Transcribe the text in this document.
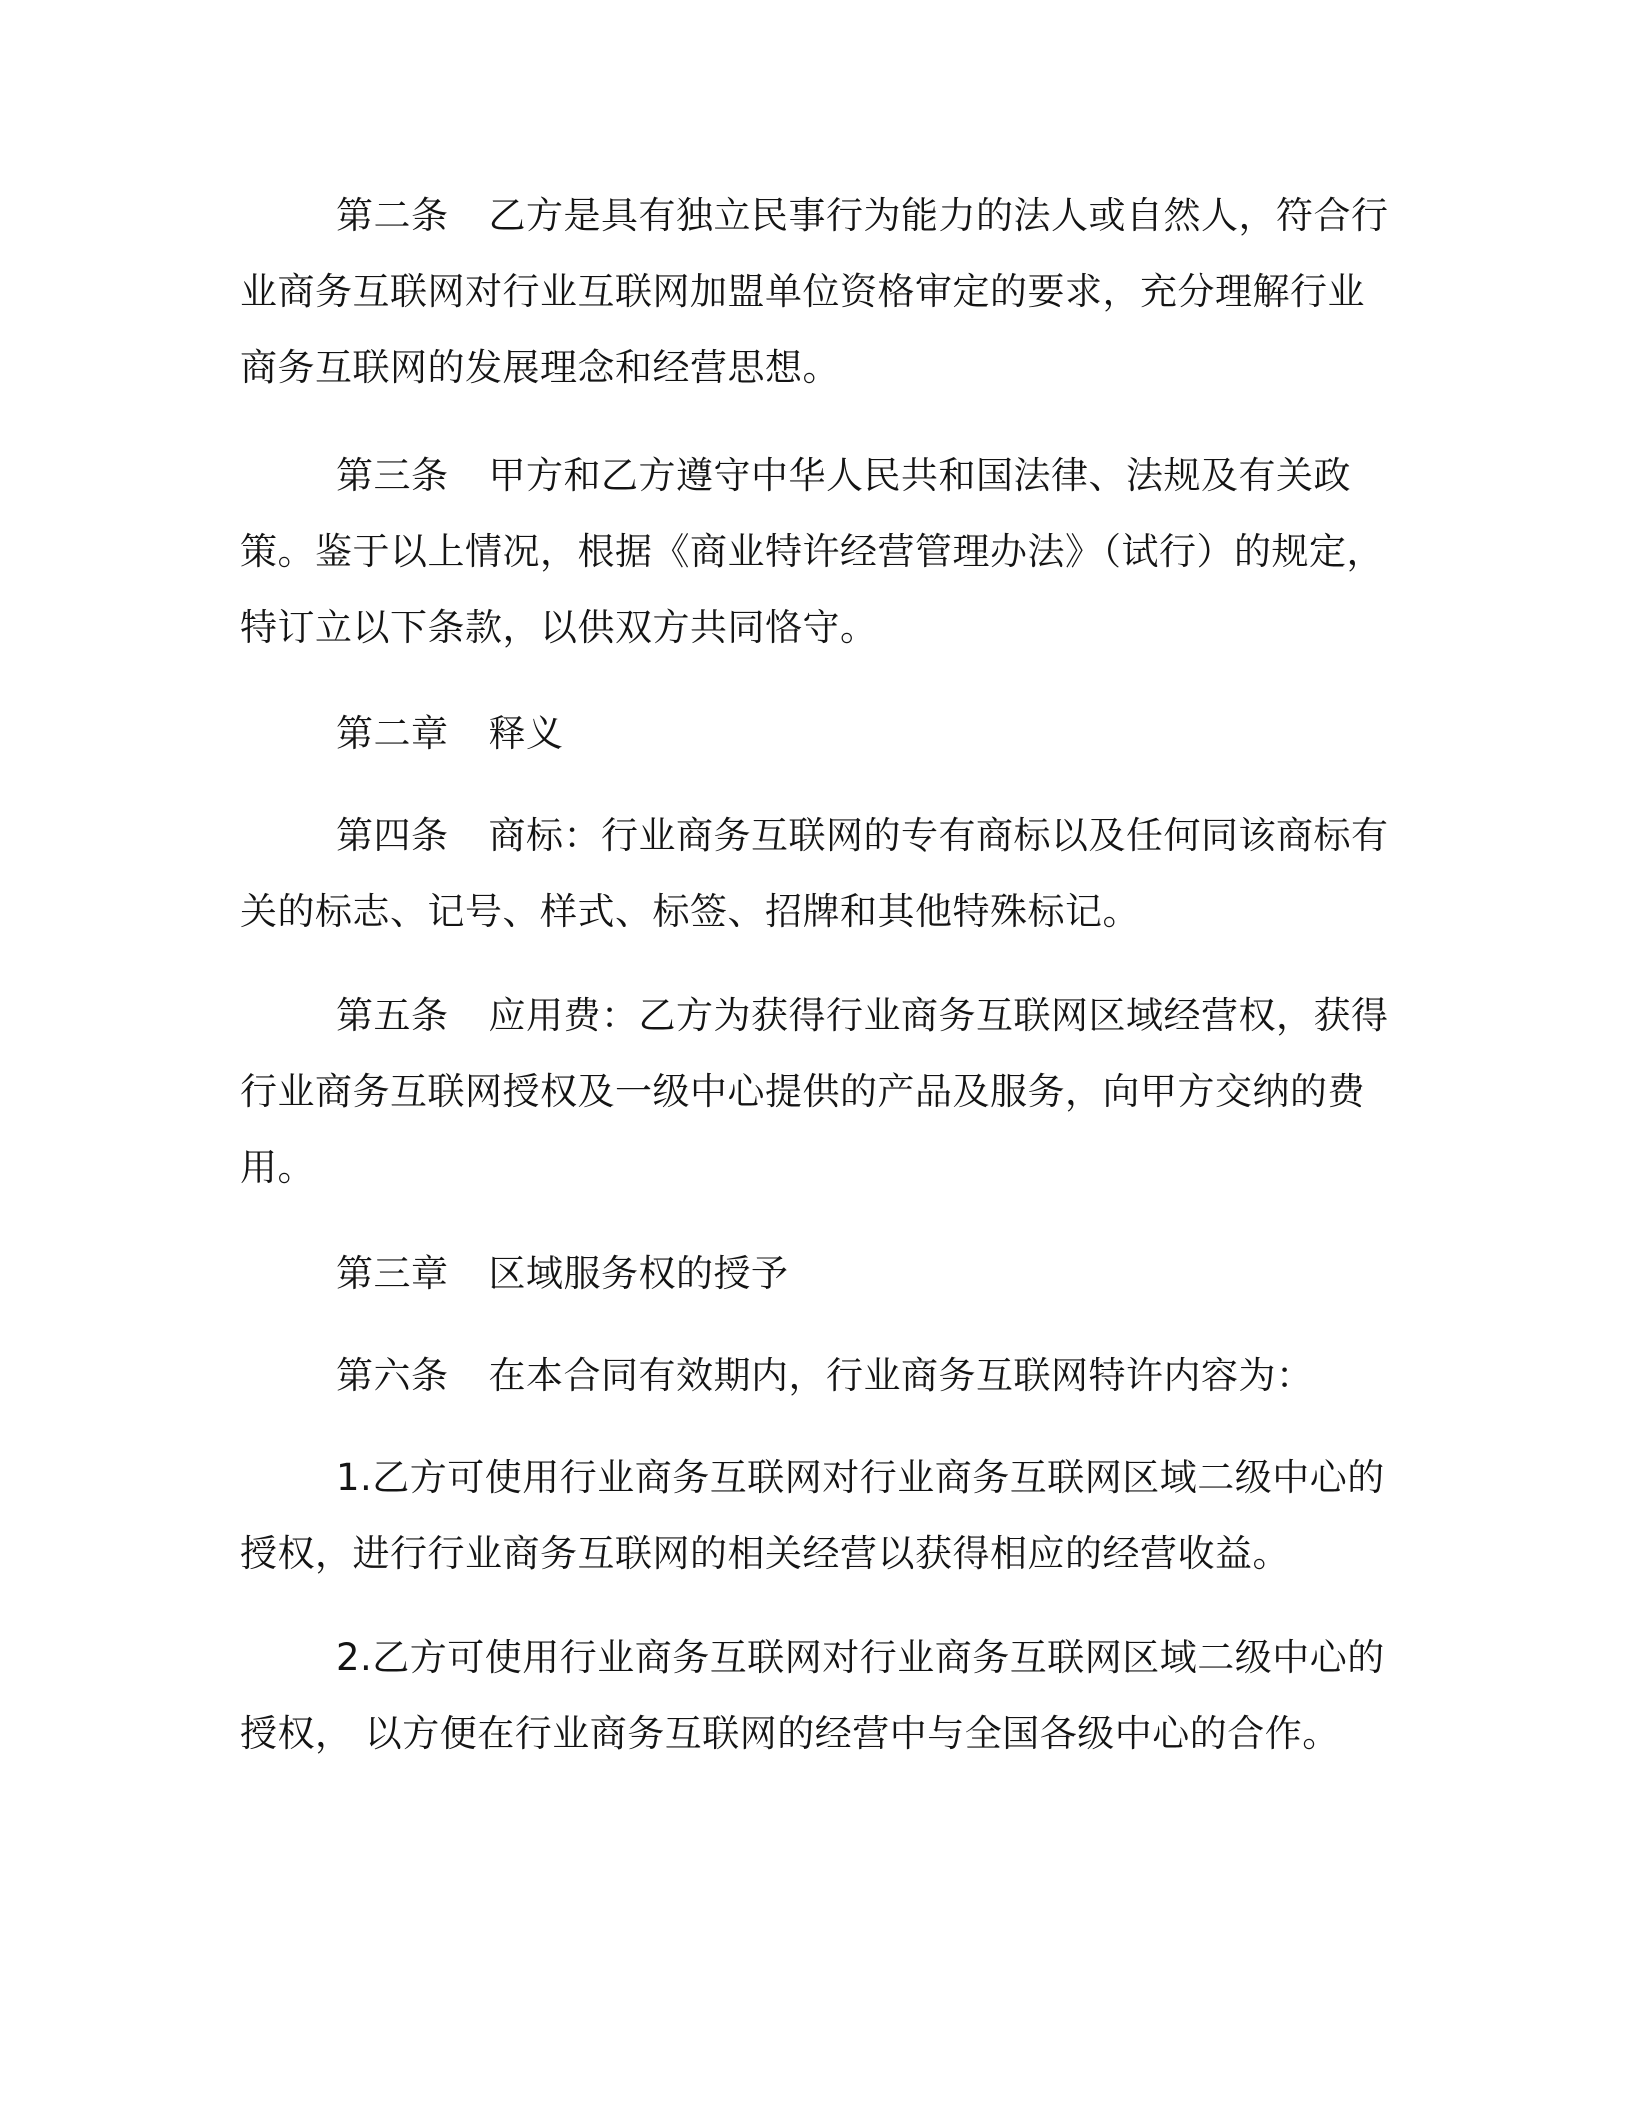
第二条 乙方是具有独立民事行为能力的法人或自然人，符合行业商务互联网对行业互联网加盟单位资格审定的要求，充分理解行业商务互联网的发展理念和经营思想。

第三条 甲方和乙方遵守中华人民共和国法律、法规及有关政策。鉴于以上情况，根据《商业特许经营管理办法》（试行）的规定，特订立以下条款，以供双方共同恪守。

第二章 释义

第四条 商标：行业商务互联网的专有商标以及任何同该商标有关的标志、记号、样式、标签、招牌和其他特殊标记。

第五条 应用费：乙方为获得行业商务互联网区域经营权，获得行业商务互联网授权及一级中心提供的产品及服务，向甲方交纳的费用。

第三章 区域服务权的授予

第六条 在本合同有效期内，行业商务互联网特许内容为：

1.乙方可使用行业商务互联网对行业商务互联网区域二级中心的授权，进行行业商务互联网的相关经营以获得相应的经营收益。

2.乙方可使用行业商务互联网对行业商务互联网区域二级中心的授权， 以方便在行业商务互联网的经营中与全国各级中心的合作。
